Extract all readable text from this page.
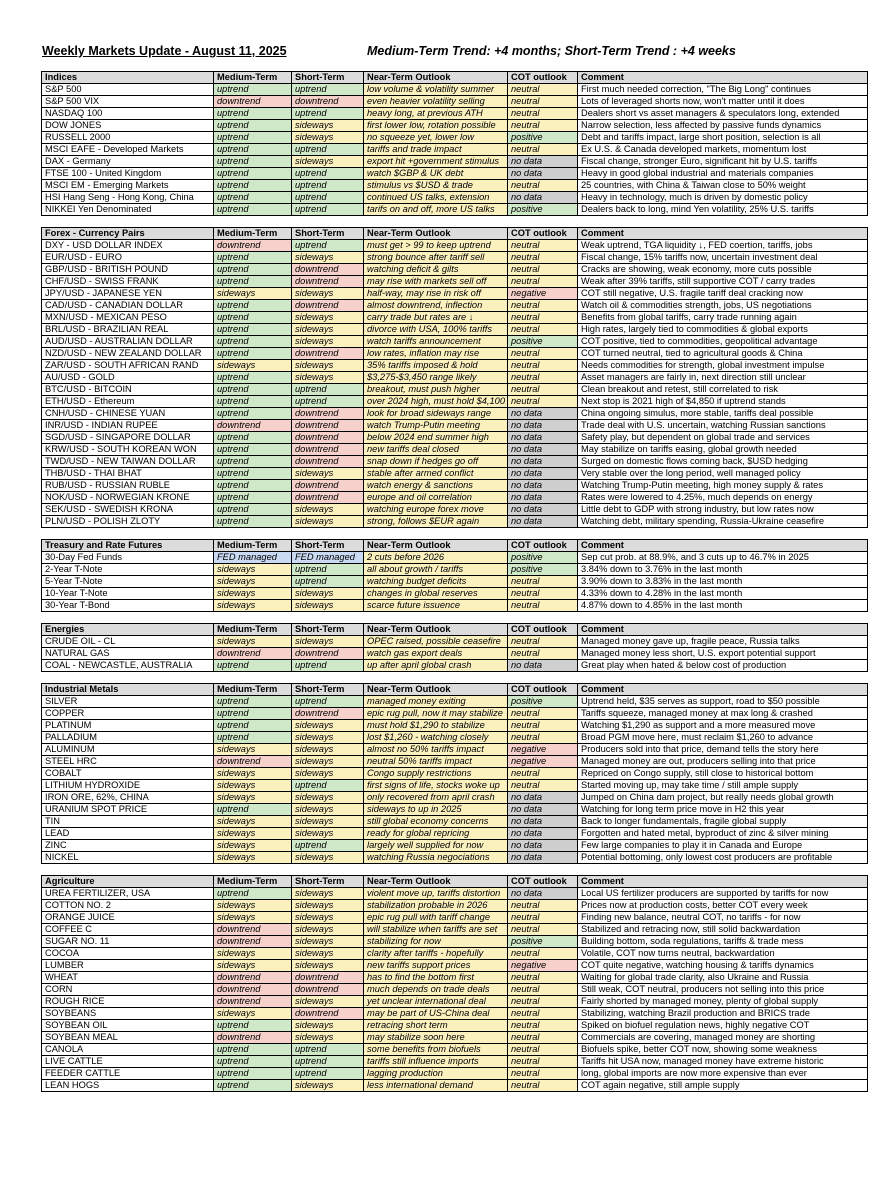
Weekly Markets Update - August 11, 2025	Medium-Term Trend: +4 months; Short-Term Trend : +4 weeks
Indices	Medium-Term	Short-Term	Near-Term Outlook	COT outlook	Comment
S&P 500	uptrend	uptrend	low volume & volatility summer	neutral	First much needed correction, "The Big Long" continues
S&P 500 VIX	downtrend	downtrend	even heavier volatility selling	neutral	Lots of leveraged shorts now, won't matter until it does
NASDAQ 100	uptrend	uptrend	heavy long, at previous ATH	neutral	Dealers short vs asset managers & speculators long, extended
DOW JONES	uptrend	sideways	first lower low, rotation possible	neutral	Narrow selection, less affected by passive funds dynamics
RUSSELL 2000	uptrend	sideways	no squeeze yet, lower low	positive	Debt and tariffs impact, large short position, selection is all
MSCI EAFE - Developed Markets	uptrend	uptrend	tariffs and trade impact	neutral	Ex U.S. & Canada developed markets, momentum lost
DAX - Germany	uptrend	sideways	export hit +government stimulus	no data	Fiscal change, stronger Euro, significant hit by U.S. tariffs
FTSE 100 - United Kingdom	uptrend	uptrend	watch $GBP & UK debt	no data	Heavy in good global industrial and materials companies
MSCI EM - Emerging Markets	uptrend	uptrend	stimulus vs $USD & trade	neutral	25 countries, with China & Taiwan close to 50% weight
HSI Hang Seng - Hong Kong, China	uptrend	uptrend	continued US talks, extension	no data	Heavy in technology, much is driven by domestic policy
NIKKEI Yen Denominated	uptrend	uptrend	tarifs on and off, more US talks	positive	Dealers back to long, mind Yen volatility, 25% U.S. tariffs
Forex - Currency Pairs	Medium-Term	Short-Term	Near-Term Outlook	COT outlook	Comment
DXY - USD DOLLAR INDEX	downtrend	uptrend	must get > 99 to keep uptrend	neutral	Weak uptrend, TGA liquidity ↓, FED coertion, tariffs, jobs
EUR/USD - EURO	uptrend	sideways	strong bounce after tariff sell	neutral	Fiscal change, 15% tariffs now, uncertain investment deal
GBP/USD - BRITISH POUND	uptrend	downtrend	watching deficit & gilts	neutral	Cracks are showing, weak economy, more cuts possible
CHF/USD - SWISS FRANK	uptrend	downtrend	may rise with markets sell off	neutral	Weak after 39% tariffs, still supportive COT / carry trades
JPY/USD - JAPANESE YEN	sideways	sideways	half-way, may rise in risk off	negative	COT still negative, U.S. fragile tariff deal cracking now
CAD/USD - CANADIAN DOLLAR	uptrend	downtrend	almost downtrend, inflection	neutral	Watch oil & commodities strength, jobs, US negotiations
MXN/USD - MEXICAN PESO	uptrend	sideways	carry trade but rates are ↓	neutral	Benefits from global tariffs, carry trade running again
BRL/USD - BRAZILIAN REAL	uptrend	sideways	divorce with USA, 100% tariffs	neutral	High rates, largely tied to commodities & global exports
AUD/USD - AUSTRALIAN DOLLAR	uptrend	sideways	watch tariffs announcement	positive	COT positive, tied to commodities, geopolitical advantage
NZD/USD - NEW ZEALAND DOLLAR	uptrend	downtrend	low rates, inflation may rise	neutral	COT turned neutral, tied to agricultural goods & China
ZAR/USD - SOUTH AFRICAN RAND	sideways	sideways	35% tariffs imposed & hold	neutral	Needs commodities for strength, global investment impulse
AU/USD - GOLD	uptrend	sideways	$3,275-$3,450 range likely	neutral	Asset managers are fairly in, next direction still unclear
BTC/USD - BITCOIN	uptrend	uptrend	breakout, must push higher	neutral	Clean breakout and retest, still correlated to risk
ETH/USD - Ethereum	uptrend	uptrend	over 2024 high, must hold $4,100	neutral	Next stop is 2021 high of $4,850 if uptrend stands
CNH/USD - CHINESE YUAN	uptrend	downtrend	look for broad sideways range	no data	China ongoing simulus, more stable, tariffs deal possible
INR/USD - INDIAN RUPEE	downtrend	downtrend	watch Trump-Putin meeting	no data	Trade deal with U.S. uncertain, watching Russian sanctions
SGD/USD - SINGAPORE DOLLAR	uptrend	downtrend	below 2024 end summer high	no data	Safety play, but dependent on global trade and services
KRW/USD - SOUTH KOREAN WON	uptrend	downtrend	new tariffs deal closed	no data	May stabilize on tariffs easing, global growth needed
TWD/USD - NEW TAIWAN DOLLAR	uptrend	downtrend	snap down if hedges go off	no data	Surged on domestic flows coming back, $USD hedging
THB/USD - THAI BHAT	uptrend	sideways	stable after armed conflict	no data	Very stable over the long period, well managed policy
RUB/USD - RUSSIAN RUBLE	uptrend	downtrend	watch energy & sanctions	no data	Watching Trump-Putin meeting, high money supply & rates
NOK/USD - NORWEGIAN KRONE	uptrend	downtrend	europe and oil correlation	no data	Rates were lowered to 4.25%, much depends on energy
SEK/USD - SWEDISH KRONA	uptrend	sideways	watching europe forex move	no data	Little debt to GDP with strong industry, but low rates now
PLN/USD - POLISH ZLOTY	uptrend	sideways	strong, follows $EUR again	no data	Watching debt, military spending, Russia-Ukraine ceasefire
Treasury and Rate Futures	Medium-Term	Short-Term	Near-Term Outlook	COT outlook	Comment
30-Day Fed Funds	FED managed	FED managed	2 cuts before 2026	positive	Sep cut prob. at 88.9%, and 3 cuts up to 46.7% in 2025
2-Year T-Note	sideways	uptrend	all about growth / tariffs	positive	3.84% down to 3.76% in the last month
5-Year T-Note	sideways	uptrend	watching budget deficits	neutral	3.90% down to 3.83% in the last month
10-Year T-Note	sideways	sideways	changes in global reserves	neutral	4.33% down to 4.28% in the last month
30-Year T-Bond	sideways	sideways	scarce future issuence	neutral	4.87% down to 4.85% in the last month
Energies	Medium-Term	Short-Term	Near-Term Outlook	COT outlook	Comment
CRUDE OIL - CL	sideways	sideways	OPEC raised, possible ceasefire	neutral	Managed money gave up, fragile peace, Russia talks
NATURAL GAS	downtrend	downtrend	watch gas export deals	neutral	Managed money less short, U.S. export potential support
COAL - NEWCASTLE, AUSTRALIA	uptrend	uptrend	up after april global crash	no data	Great play when hated & below cost of production
Industrial Metals	Medium-Term	Short-Term	Near-Term Outlook	COT outlook	Comment
SILVER	uptrend	uptrend	managed money exiting	positive	Uptrend held, $35 serves as support, road to $50 possible
COPPER	uptrend	downtrend	epic rug pull, now it may stabilize	neutral	Tariffs squeeze, managed money at max long & crashed
PLATINUM	uptrend	sideways	must hold $1,290 to stabilize	neutral	Watching $1,290 as support and a more measured move
PALLADIUM	uptrend	sideways	lost $1,260 - watching closely	neutral	Broad PGM move here, must reclaim $1,260 to advance
ALUMINUM	sideways	sideways	almost no 50% tariffs impact	negative	Producers sold into that price, demand tells the story here
STEEL HRC	downtrend	sideways	neutral 50% tariffs impact	negative	Managed money are out, producers selling into that price
COBALT	sideways	sideways	Congo supply restrictions	neutral	Repriced on Congo supply, still close to historical bottom
LITHIUM HYDROXIDE	sideways	uptrend	first signs of life, stocks woke up	neutral	Started moving up, may take time / still ample supply
IRON ORE, 62%, CHINA	sideways	sideways	only recovered from april crash	no data	Jumped on China dam project, but really needs global growth
URANIUM SPOT PRICE	uptrend	sideways	sideways to up in 2025	no data	Watching for long term price move in H2 this year
TIN	sideways	sideways	still global economy concerns	no data	Back to longer fundamentals, fragile global supply
LEAD	sideways	sideways	ready for global repricing	no data	Forgotten and hated metal, byproduct of zinc & silver mining
ZINC	sideways	uptrend	largely well supplied for now	no data	Few large companies to play it in Canada and Europe
NICKEL	sideways	sideways	watching Russia negociations	no data	Potential bottoming, only lowest cost producers are profitable
Agriculture	Medium-Term	Short-Term	Near-Term Outlook	COT outlook	Comment
UREA FERTILIZER, USA	uptrend	sideways	violent move up, tariffs distortion	no data	Local US fertilizer producers are supported by tariffs for now
COTTON NO. 2	sideways	sideways	stabilization probable in 2026	neutral	Prices now at production costs, better COT every week
ORANGE JUICE	sideways	sideways	epic rug pull with tariff change	neutral	Finding new balance, neutral COT, no tariffs - for now
COFFEE C	downtrend	sideways	will stabilize when tariffs are set	neutral	Stabilized and retracing now, still solid backwardation
SUGAR NO. 11	downtrend	sideways	stabilizing for now	positive	Building bottom, soda regulations, tariffs & trade mess
COCOA	sideways	sideways	clarity after tariffs - hopefully	neutral	Volatile, COT now turns neutral, backwardation
LUMBER	sideways	sideways	new tariffs support prices	negative	COT quite negative, watching housing & tariffs dynamics
WHEAT	downtrend	downtrend	has to find the bottom first	neutral	Waiting for global trade clarity, also Ukraine and Russia
CORN	downtrend	downtrend	much depends on trade deals	neutral	Still weak, COT neutral, producers not selling into this price
ROUGH RICE	downtrend	sideways	yet unclear international deal	neutral	Fairly shorted by managed money, plenty of global supply
SOYBEANS	sideways	downtrend	may be part of US-China deal	neutral	Stabilizing, watching Brazil production and BRICS trade
SOYBEAN OIL	uptrend	sideways	retracing short term	neutral	Spiked on biofuel regulation news, highly negative COT
SOYBEAN MEAL	downtrend	sideways	may stabilize soon here	neutral	Commercials are covering, managed money are shorting
CANOLA	uptrend	uptrend	some benefits from biofuels	neutral	Biofuels spike, better COT now, showing some weakness
LIVE CATTLE	uptrend	uptrend	tariffs still influence imports	neutral	Tariffs hit USA now, managed money have extreme historic
FEEDER CATTLE	uptrend	uptrend	lagging production	neutral	long, global imports are now more expensive than ever
LEAN HOGS	uptrend	sideways	less international demand	neutral	COT again negative, still ample supply
